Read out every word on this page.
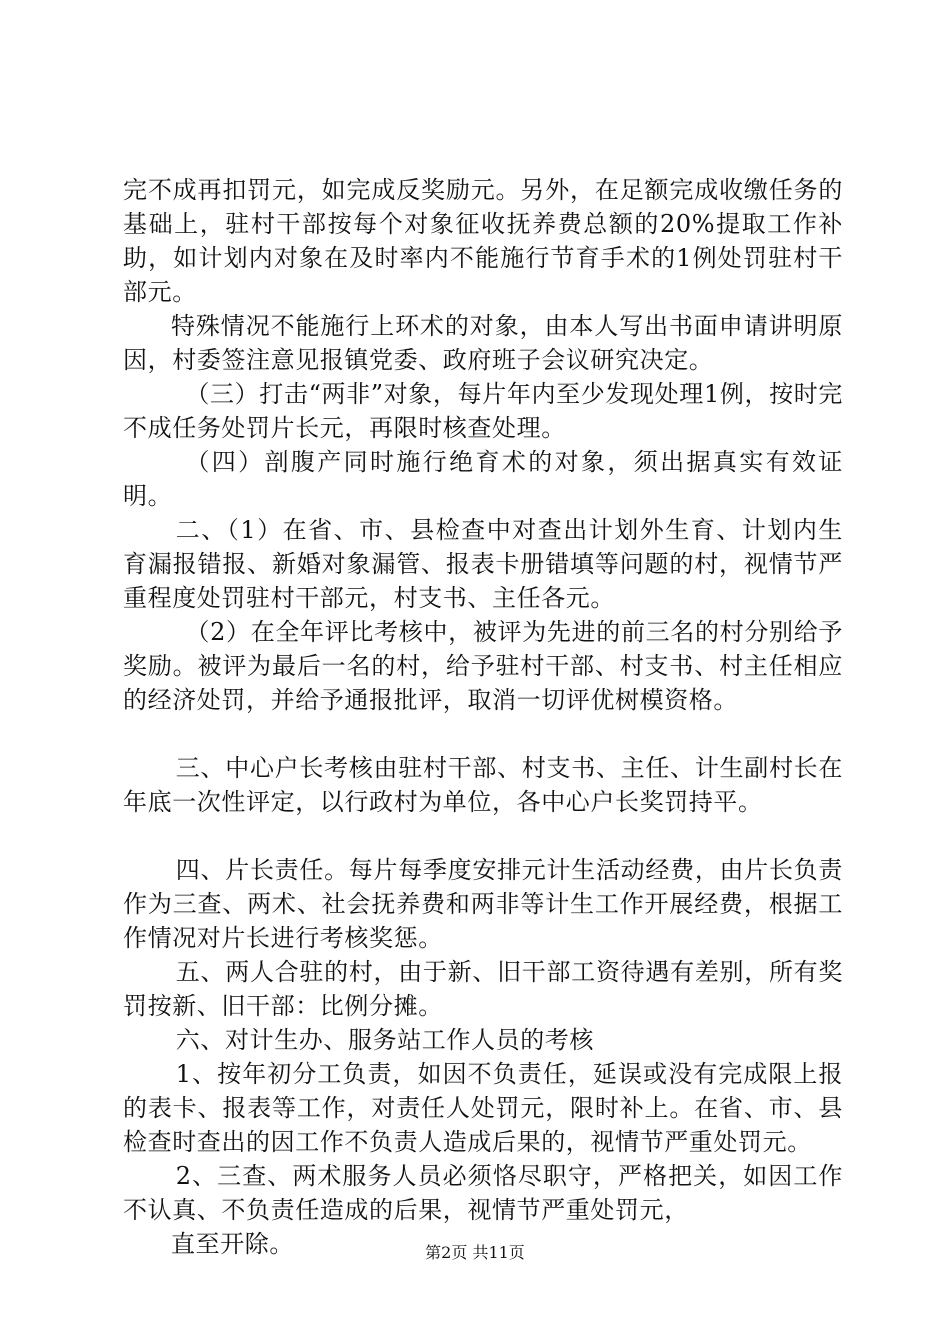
完不成再扣罚元，如完成反奖励元。另外，在足额完成收缴任务的基础上，驻村干部按每个对象征收抚养费总额的20%提取工作补助，如计划内对象在及时率内不能施行节育手术的1例处罚驻村干部元。

特殊情况不能施行上环术的对象，由本人写出书面申请讲明原因，村委签注意见报镇党委、政府班子会议研究决定。

（三）打击“两非”对象，每片年内至少发现处理1例，按时完不成任务处罚片长元，再限时核查处理。

（四）剖腹产同时施行绝育术的对象，须出据真实有效证明。

二、（1）在省、市、县检查中对查出计划外生育、计划内生育漏报错报、新婚对象漏管、报表卡册错填等问题的村，视情节严重程度处罚驻村干部元，村支书、主任各元。

（2）在全年评比考核中，被评为先进的前三名的村分别给予奖励。被评为最后一名的村，给予驻村干部、村支书、村主任相应的经济处罚，并给予通报批评，取消一切评优树模资格。

三、中心户长考核由驻村干部、村支书、主任、计生副村长在年底一次性评定，以行政村为单位，各中心户长奖罚持平。

四、片长责任。每片每季度安排元计生活动经费，由片长负责作为三查、两术、社会抚养费和两非等计生工作开展经费，根据工作情况对片长进行考核奖惩。

五、两人合驻的村，由于新、旧干部工资待遇有差别，所有奖罚按新、旧干部：比例分摊。

六、对计生办、服务站工作人员的考核

1、按年初分工负责，如因不负责任，延误或没有完成限上报的表卡、报表等工作，对责任人处罚元，限时补上。在省、市、县检查时查出的因工作不负责人造成后果的，视情节严重处罚元。

2、三查、两术服务人员必须恪尽职守，严格把关，如因工作不认真、不负责任造成的后果，视情节严重处罚元，

直至开除。	第2页 共11页
